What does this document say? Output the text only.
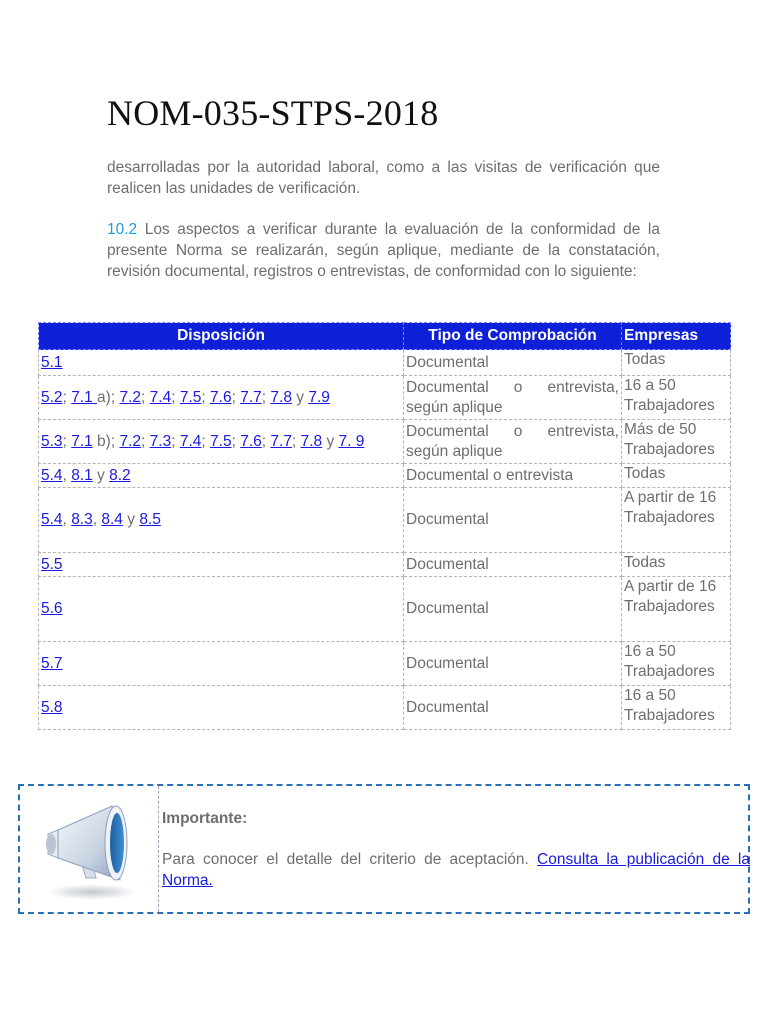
NOM-035-STPS-2018

desarrolladas por la autoridad laboral, como a las visitas de verificación que realicen las unidades de verificación.

10.2 Los aspectos a verificar durante la evaluación de la conformidad de la presente Norma se realizarán, según aplique, mediante de la constatación, revisión documental, registros o entrevistas, de conformidad con lo siguiente:

Disposición	Tipo de Comprobación	Empresas
5.1	Documental	Todas
5.2; 7.1 a); 7.2; 7.4; 7.5; 7.6; 7.7; 7.8 y 7.9	Documental o entrevista, según aplique	16 a 50 Trabajadores
5.3; 7.1 b); 7.2; 7.3; 7.4; 7.5; 7.6; 7.7; 7.8 y 7. 9	Documental o entrevista, según aplique	Más de 50 Trabajadores
5.4, 8.1 y 8.2	Documental o entrevista	Todas
5.4, 8.3, 8.4 y 8.5	Documental	A partir de 16 Trabajadores
5.5	Documental	Todas
5.6	Documental	A partir de 16 Trabajadores
5.7	Documental	16 a 50 Trabajadores
5.8	Documental	16 a 50 Trabajadores

Importante:

Para conocer el detalle del criterio de aceptación. Consulta la publicación de la Norma.
